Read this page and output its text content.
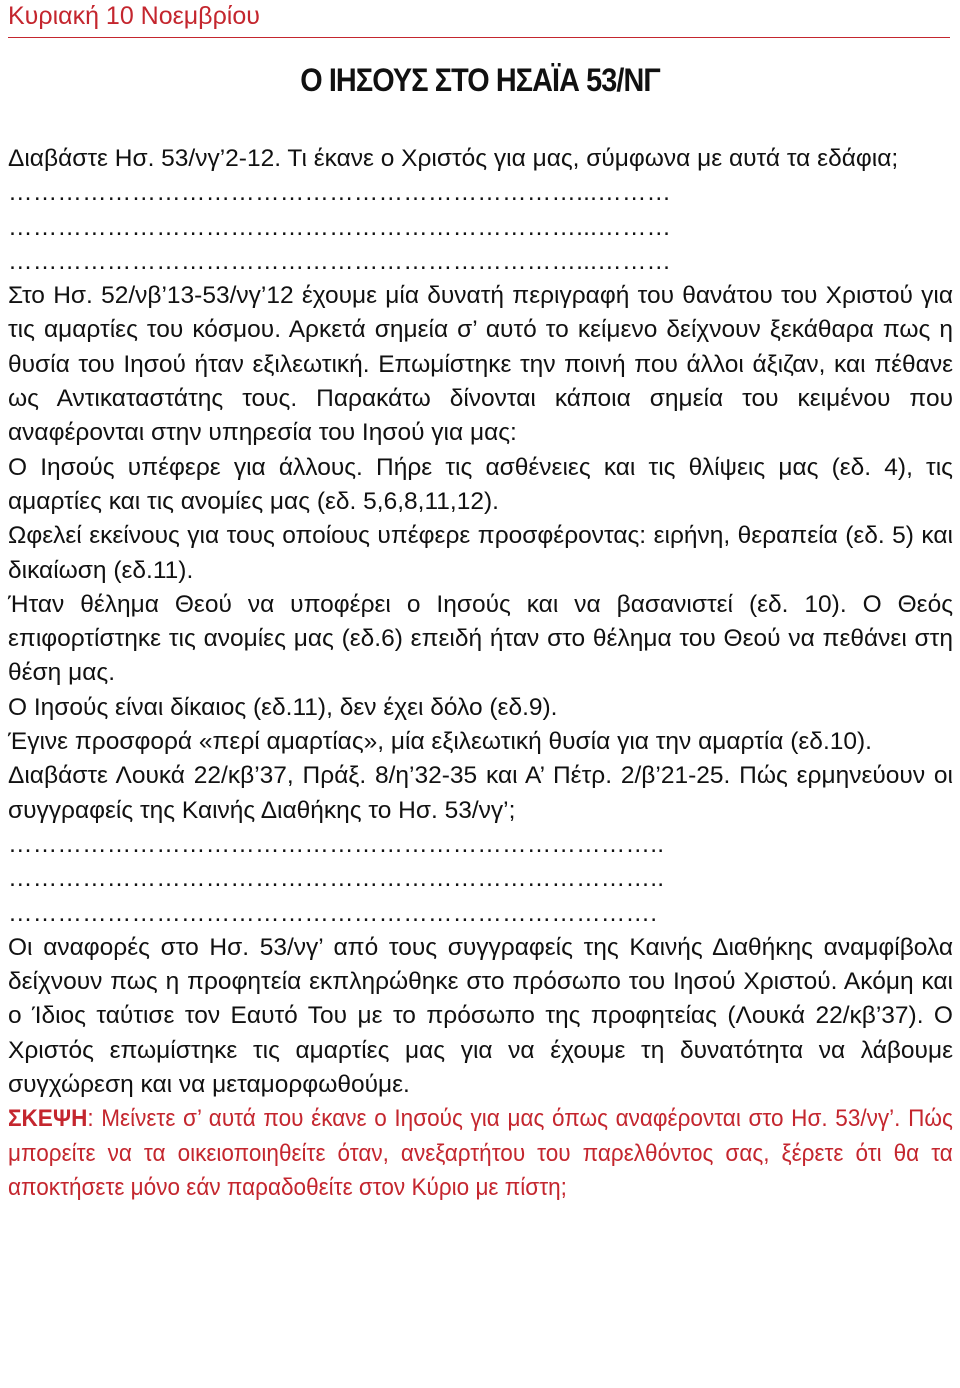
Κυριακή 10 Νοεμβρίου
Ο ΙΗΣΟΥΣ ΣΤΟ ΗΣΑΪΑ 53/ΝΓ

Διαβάστε Ησ. 53/νγ’2-12. Τι έκανε ο Χριστός για μας, σύμφωνα με αυτά τα εδάφια;

……………………………………………………………...………

……………………………………………………………...………

……………………………………………………………...………

Στο Ησ. 52/νβ’13-53/νγ’12 έχουμε μία δυνατή περιγραφή του θανάτου του Χριστού για τις αμαρτίες του κόσμου. Αρκετά σημεία σ’ αυτό το κείμενο δείχνουν ξεκάθαρα πως η θυσία του Ιησού ήταν εξιλεωτική. Επωμίστηκε την ποινή που άλλοι άξιζαν, και πέθανε ως Αντικαταστάτης τους. Παρακάτω δίνονται κάποια σημεία του κειμένου που αναφέρονται στην υπηρεσία του Ιησού για μας:

Ο Ιησούς υπέφερε για άλλους. Πήρε τις ασθένειες και τις θλίψεις μας (εδ. 4), τις αμαρτίες και τις ανομίες μας (εδ. 5,6,8,11,12).

Ωφελεί εκείνους για τους οποίους υπέφερε προσφέροντας: ειρήνη, θεραπεία (εδ. 5) και δικαίωση (εδ.11).

Ήταν θέλημα Θεού να υποφέρει ο Ιησούς και να βασανιστεί (εδ. 10). Ο Θεός επιφορτίστηκε τις ανομίες μας (εδ.6) επειδή ήταν στο θέλημα του Θεού να πεθάνει στη θέση μας.

Ο Ιησούς είναι δίκαιος (εδ.11), δεν έχει δόλο (εδ.9).

Έγινε προσφορά «περί αμαρτίας», μία εξιλεωτική θυσία για την αμαρτία (εδ.10).

Διαβάστε Λουκά 22/κβ’37, Πράξ. 8/η’32-35 και Α’ Πέτρ. 2/β’21-25. Πώς ερμηνεύουν οι συγγραφείς της Καινής Διαθήκης το Ησ. 53/νγ’;

……………………………………………………………………..

……………………………………………………………………..

…………………………………………………………………….

Οι αναφορές στο Ησ. 53/νγ’ από τους συγγραφείς της Καινής Διαθήκης αναμφίβολα δείχνουν πως η προφητεία εκπληρώθηκε στο πρόσωπο του Ιησού Χριστού. Ακόμη και ο Ίδιος ταύτισε τον Εαυτό Του με το πρόσωπο της προφητείας (Λουκά 22/κβ’37). Ο Χριστός επωμίστηκε τις αμαρτίες μας για να έχουμε τη δυνατότητα να λάβουμε συγχώρεση και να μεταμορφωθούμε.

ΣΚΕΨΗ: Μείνετε σ’ αυτά που έκανε ο Ιησούς για μας όπως αναφέρονται στο Ησ. 53/νγ’. Πώς μπορείτε να τα οικειοποιηθείτε όταν, ανεξαρτήτου του παρελθόντος σας, ξέρετε ότι θα τα αποκτήσετε μόνο εάν παραδοθείτε στον Κύριο με πίστη;
